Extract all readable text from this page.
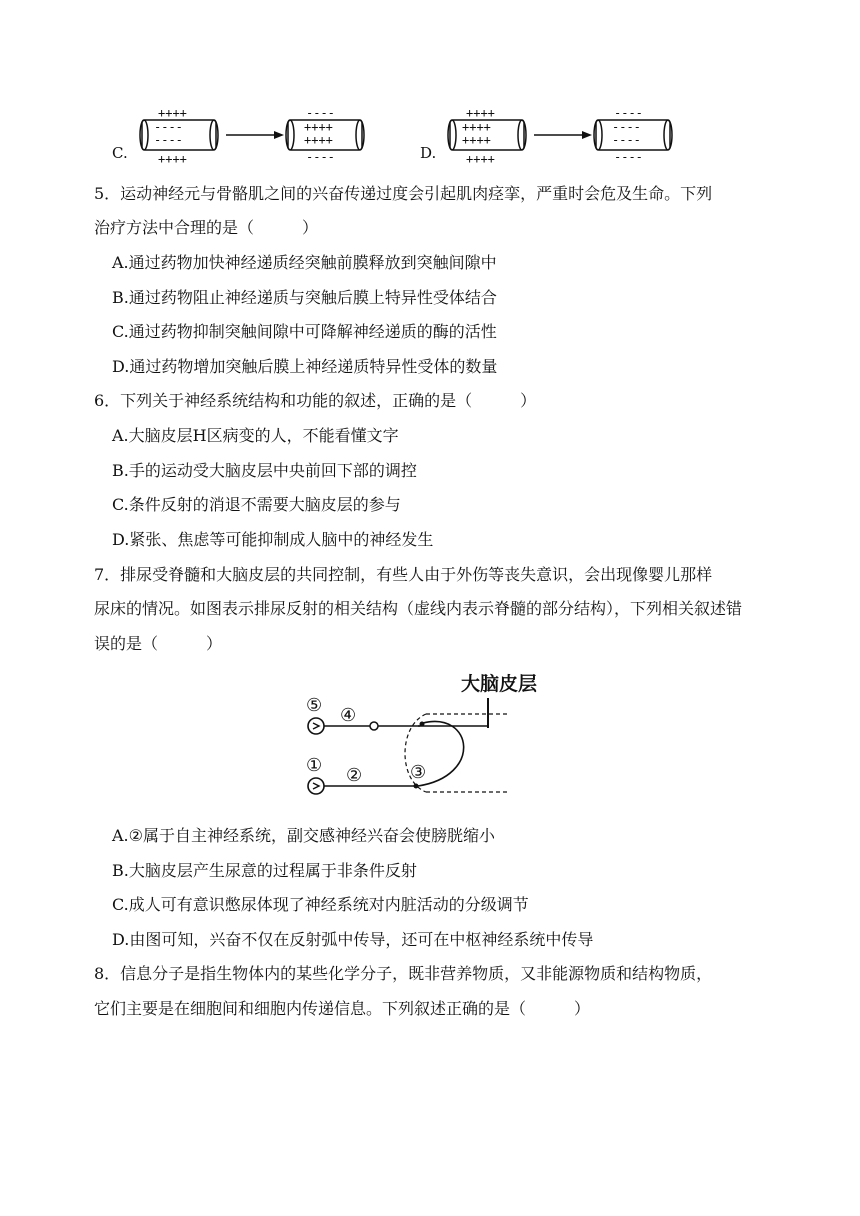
C.
++++
----
----
++++
----
++++
++++
----	D.
++++
++++
++++
++++
----
----
----
----
5．运动神经元与骨骼肌之间的兴奋传递过度会引起肌肉痉挛，严重时会危及生命。下列
治疗方法中合理的是（　　　）
A.通过药物加快神经递质经突触前膜释放到突触间隙中
B.通过药物阻止神经递质与突触后膜上特异性受体结合
C.通过药物抑制突触间隙中可降解神经递质的酶的活性
D.通过药物增加突触后膜上神经递质特异性受体的数量
6．下列关于神经系统结构和功能的叙述，正确的是（　　　）
A.大脑皮层H区病变的人，不能看懂文字
B.手的运动受大脑皮层中央前回下部的调控
C.条件反射的消退不需要大脑皮层的参与
D.紧张、焦虑等可能抑制成人脑中的神经发生
7．排尿受脊髓和大脑皮层的共同控制，有些人由于外伤等丧失意识，会出现像婴儿那样
尿床的情况。如图表示排尿反射的相关结构（虚线内表示脊髓的部分结构），下列相关叙述错
误的是（　　　）
大脑皮层
⑤ ④
① ②	③
A.②属于自主神经系统，副交感神经兴奋会使膀胱缩小
B.大脑皮层产生尿意的过程属于非条件反射
C.成人可有意识憋尿体现了神经系统对内脏活动的分级调节
D.由图可知，兴奋不仅在反射弧中传导，还可在中枢神经系统中传导
8．信息分子是指生物体内的某些化学分子，既非营养物质，又非能源物质和结构物质，
它们主要是在细胞间和细胞内传递信息。下列叙述正确的是（　　　）
